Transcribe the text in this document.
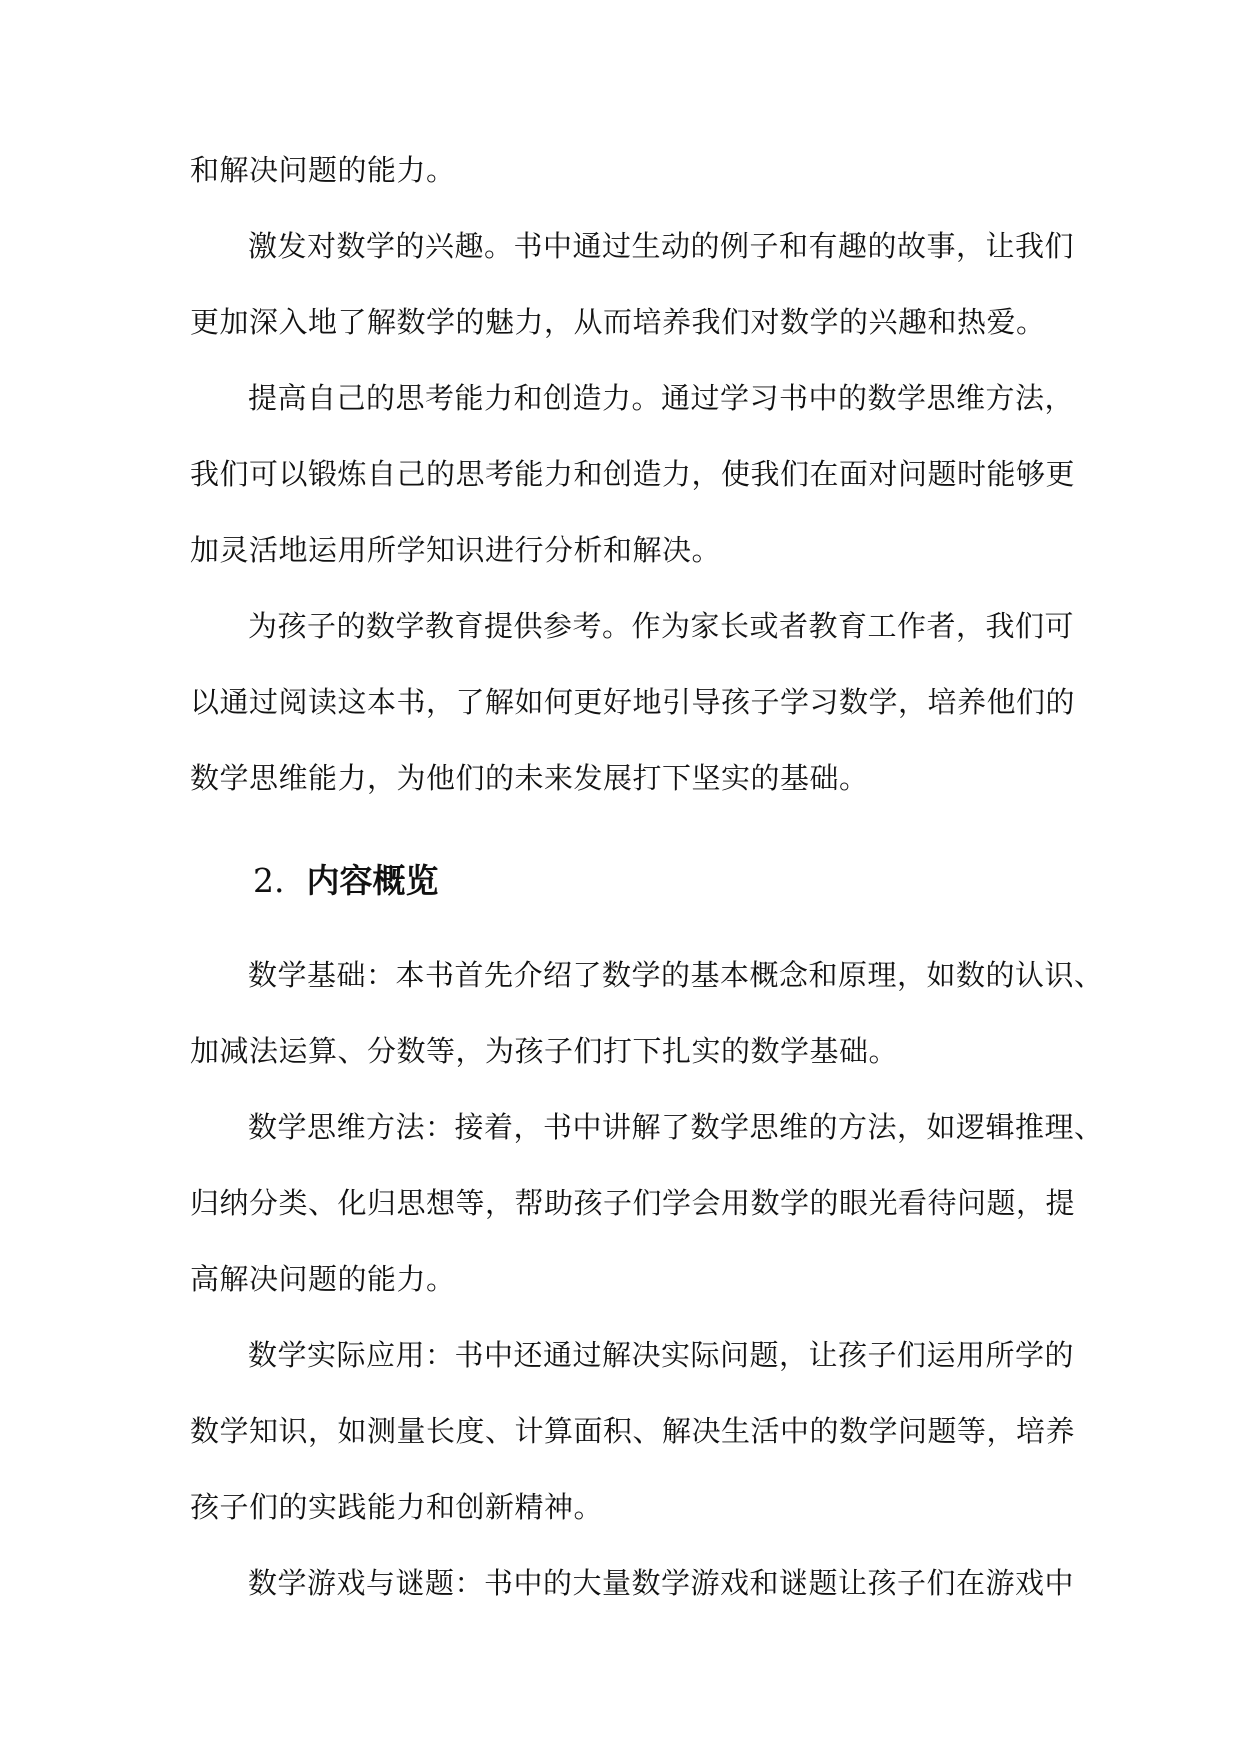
和解决问题的能力。
激发对数学的兴趣。书中通过生动的例子和有趣的故事，让我们
更加深入地了解数学的魅力，从而培养我们对数学的兴趣和热爱。
提高自己的思考能力和创造力。通过学习书中的数学思维方法，
我们可以锻炼自己的思考能力和创造力，使我们在面对问题时能够更
加灵活地运用所学知识进行分析和解决。
为孩子的数学教育提供参考。作为家长或者教育工作者，我们可
以通过阅读这本书，了解如何更好地引导孩子学习数学，培养他们的
数学思维能力，为他们的未来发展打下坚实的基础。
2. 内容概览
数学基础：本书首先介绍了数学的基本概念和原理，如数的认识、
加减法运算、分数等，为孩子们打下扎实的数学基础。
数学思维方法：接着，书中讲解了数学思维的方法，如逻辑推理、
归纳分类、化归思想等，帮助孩子们学会用数学的眼光看待问题，提
高解决问题的能力。
数学实际应用：书中还通过解决实际问题，让孩子们运用所学的
数学知识，如测量长度、计算面积、解决生活中的数学问题等，培养
孩子们的实践能力和创新精神。
数学游戏与谜题：书中的大量数学游戏和谜题让孩子们在游戏中
